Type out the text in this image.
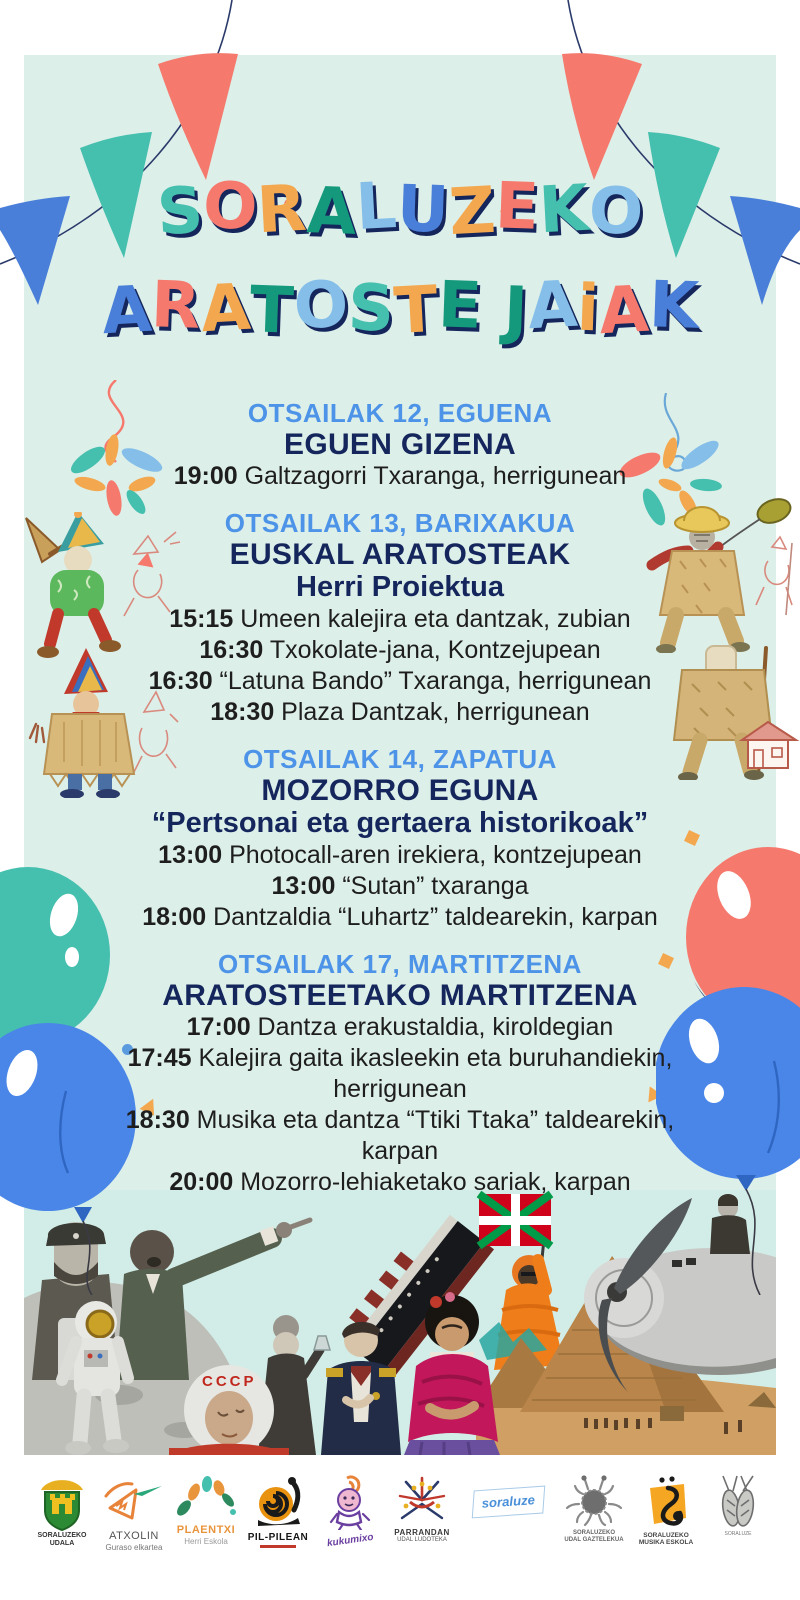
SORALUZEKO
ARATOSTE JAiAK
OTSAILAK 12, EGUENA
EGUEN GIZENA
19:00 Galtzagorri Txaranga, herrigunean
OTSAILAK 13, BARIXAKUA
EUSKAL ARATOSTEAK
Herri Proiektua
15:15 Umeen kalejira eta dantzak, zubian
16:30 Txokolate-jana, Kontzejupean
16:30 “Latuna Bando” Txaranga, herrigunean
18:30 Plaza Dantzak, herrigunean
OTSAILAK 14, ZAPATUA
MOZORRO EGUNA
“Pertsonai eta gertaera historikoak”
13:00 Photocall-aren irekiera, kontzejupean
13:00 “Sutan” txaranga
18:00 Dantzaldia “Luhartz” taldearekin, karpan
OTSAILAK 17, MARTITZENA
ARATOSTEETAKO MARTITZENA
17:00 Dantza erakustaldia, kiroldegian
17:45 Kalejira gaita ikasleekin eta buruhandiekin, herrigunean
18:30 Musika eta dantza “Ttiki Ttaka” taldearekin, karpan
20:00 Mozorro-lehiaketako sariak, karpan
CCCP
SORALUZEKO
UDALA
ATXOLIN
Guraso elkartea
PLAENTXI
Herri Eskola	PIL-PILEAN	kukumixo	PARRANDAN
UDAL LUDOTEKA
soraluze
SORALUZEKO
UDAL GAZTELEKUA
SORALUZEKO
MUSIKA ESKOLA
SORALUZE
